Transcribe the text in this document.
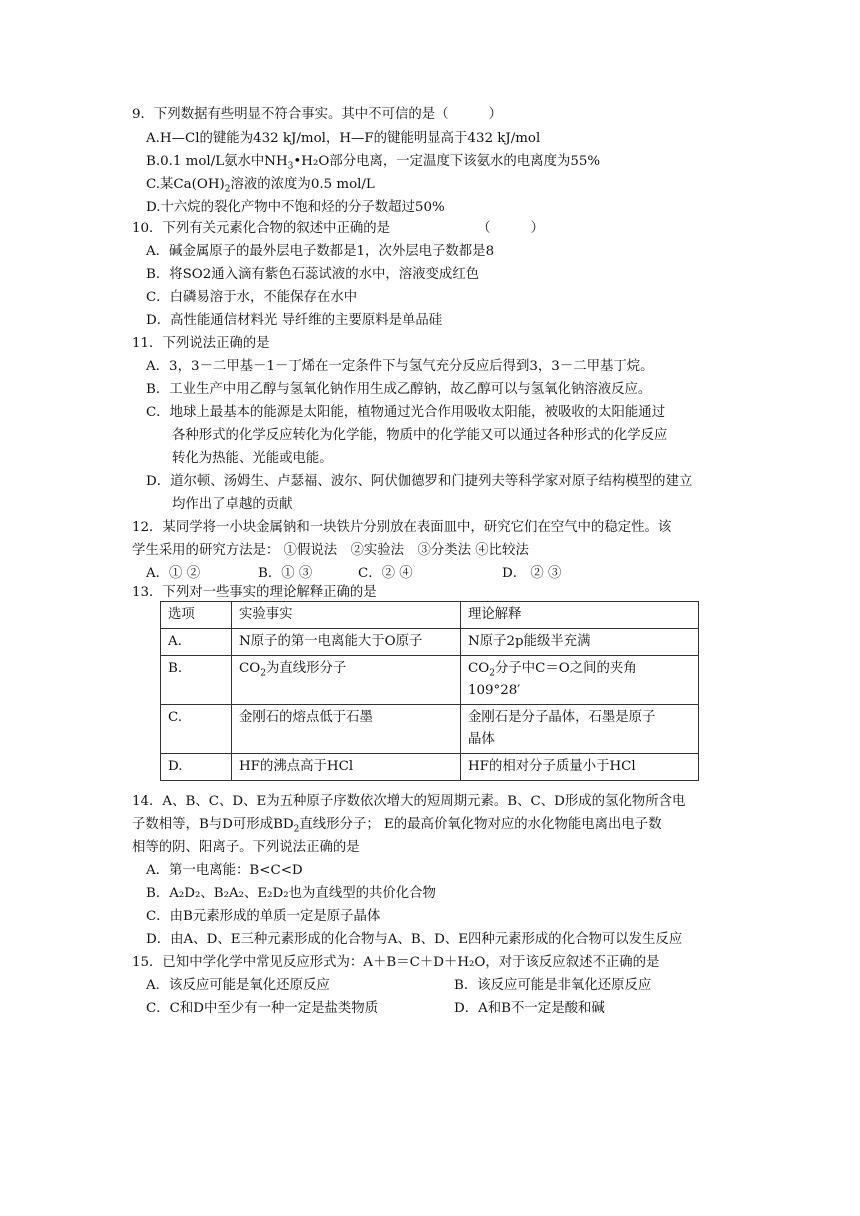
9．下列数据有些明显不符合事实。其中不可信的是（　　　）
A.H—Cl的键能为432 kJ/mol，H—F的键能明显高于432 kJ/mol
B.0.1 mol/L氨水中$NH_3•H_2O$部分电离，一定温度下该氨水的电离度为55%
C.某$Ca(OH)_2$溶液的浓度为0.5 mol/L
D.十六烷的裂化产物中不饱和烃的分子数超过50%
10．下列有关元素化合物的叙述中正确的是　　　　　　　（　　　）
A．碱金属原子的最外层电子数都是1，次外层电子数都是8
B．将SO2通入滴有紫色石蕊试液的水中，溶液变成红色
C．白磷易溶于水，不能保存在水中
D．高性能通信材料光 导纤维的主要原料是单品硅
11．下列说法正确的是
A．3，3－二甲基－1－丁烯在一定条件下与氢气充分反应后得到3，3－二甲基丁烷。
B．工业生产中用乙醇与氢氧化钠作用生成乙醇钠，故乙醇可以与氢氧化钠溶液反应。
C．地球上最基本的能源是太阳能，植物通过光合作用吸收太阳能，被吸收的太阳能通过
各种形式的化学反应转化为化学能，物质中的化学能又可以通过各种形式的化学反应
转化为热能、光能或电能。
D．道尔顿、汤姆生、卢瑟福、波尔、阿伏伽德罗和门捷列夫等科学家对原子结构模型的建立
均作出了卓越的贡献
12．某同学将一小块金属钠和一块铁片分别放在表面皿中，研究它们在空气中的稳定性。该
学生采用的研究方法是： ①假说法　②实验法　③分类法 ④比较法
A．① ②	B．① ③	C．② ④	D． ② ③
13．下列对一些事实的理论解释正确的是
选项	实验事实	理论解释
A.	N原子的第一电离能大于O原子	N原子2p能级半充满
B.	$CO_2$为直线形分子	$CO_2$分子中C＝O之间的夹角
109°28′
C.	金刚石的熔点低于石墨	金刚石是分子晶体，石墨是原子
晶体
D.	HF的沸点高于HCl	HF的相对分子质量小于HCl
14．A、B、C、D、E为五种原子序数依次增大的短周期元素。B、C、D形成的氢化物所含电
子数相等，B与D可形成$BD_2$直线形分子； E的最高价氧化物对应的水化物能电离出电子数
相等的阴、阳离子。下列说法正确的是
A．第一电离能：B<C<D
B．A₂D₂、B₂A₂、E₂D₂也为直线型的共价化合物
C．由B元素形成的单质一定是原子晶体
D．由A、D、E三种元素形成的化合物与A、B、D、E四种元素形成的化合物可以发生反应
15．已知中学化学中常见反应形式为：A＋B＝C＋D＋H₂O，对于该反应叙述不正确的是
A．该反应可能是氧化还原反应	B．该反应可能是非氧化还原反应
C．C和D中至少有一种一定是盐类物质	D．A和B不一定是酸和碱
